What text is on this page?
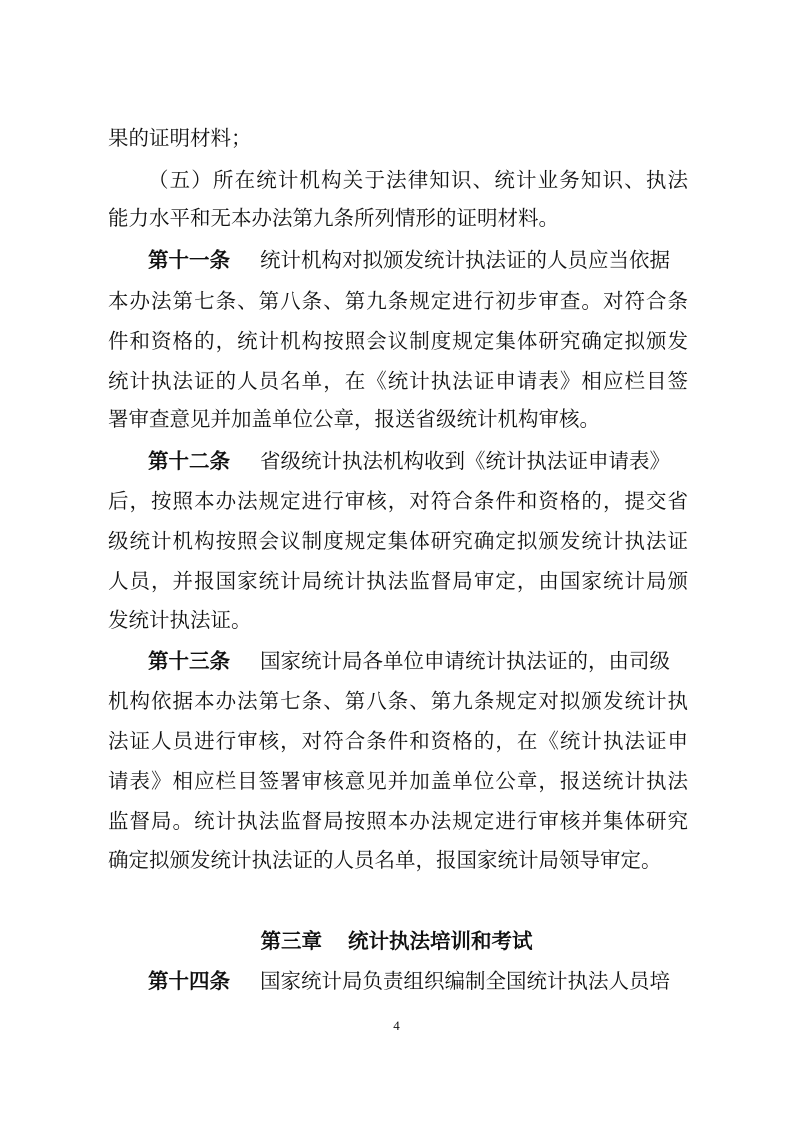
果的证明材料；
（五）所在统计机构关于法律知识、统计业务知识、执法
能力水平和无本办法第九条所列情形的证明材料。
第十一条 统计机构对拟颁发统计执法证的人员应当依据
本办法第七条、第八条、第九条规定进行初步审查。对符合条
件和资格的，统计机构按照会议制度规定集体研究确定拟颁发
统计执法证的人员名单，在《统计执法证申请表》相应栏目签
署审查意见并加盖单位公章，报送省级统计机构审核。
第十二条 省级统计执法机构收到《统计执法证申请表》
后，按照本办法规定进行审核，对符合条件和资格的，提交省
级统计机构按照会议制度规定集体研究确定拟颁发统计执法证
人员，并报国家统计局统计执法监督局审定，由国家统计局颁
发统计执法证。
第十三条 国家统计局各单位申请统计执法证的，由司级
机构依据本办法第七条、第八条、第九条规定对拟颁发统计执
法证人员进行审核，对符合条件和资格的，在《统计执法证申
请表》相应栏目签署审核意见并加盖单位公章，报送统计执法
监督局。统计执法监督局按照本办法规定进行审核并集体研究
确定拟颁发统计执法证的人员名单，报国家统计局领导审定。
第三章 统计执法培训和考试
第十四条 国家统计局负责组织编制全国统计执法人员培
4
